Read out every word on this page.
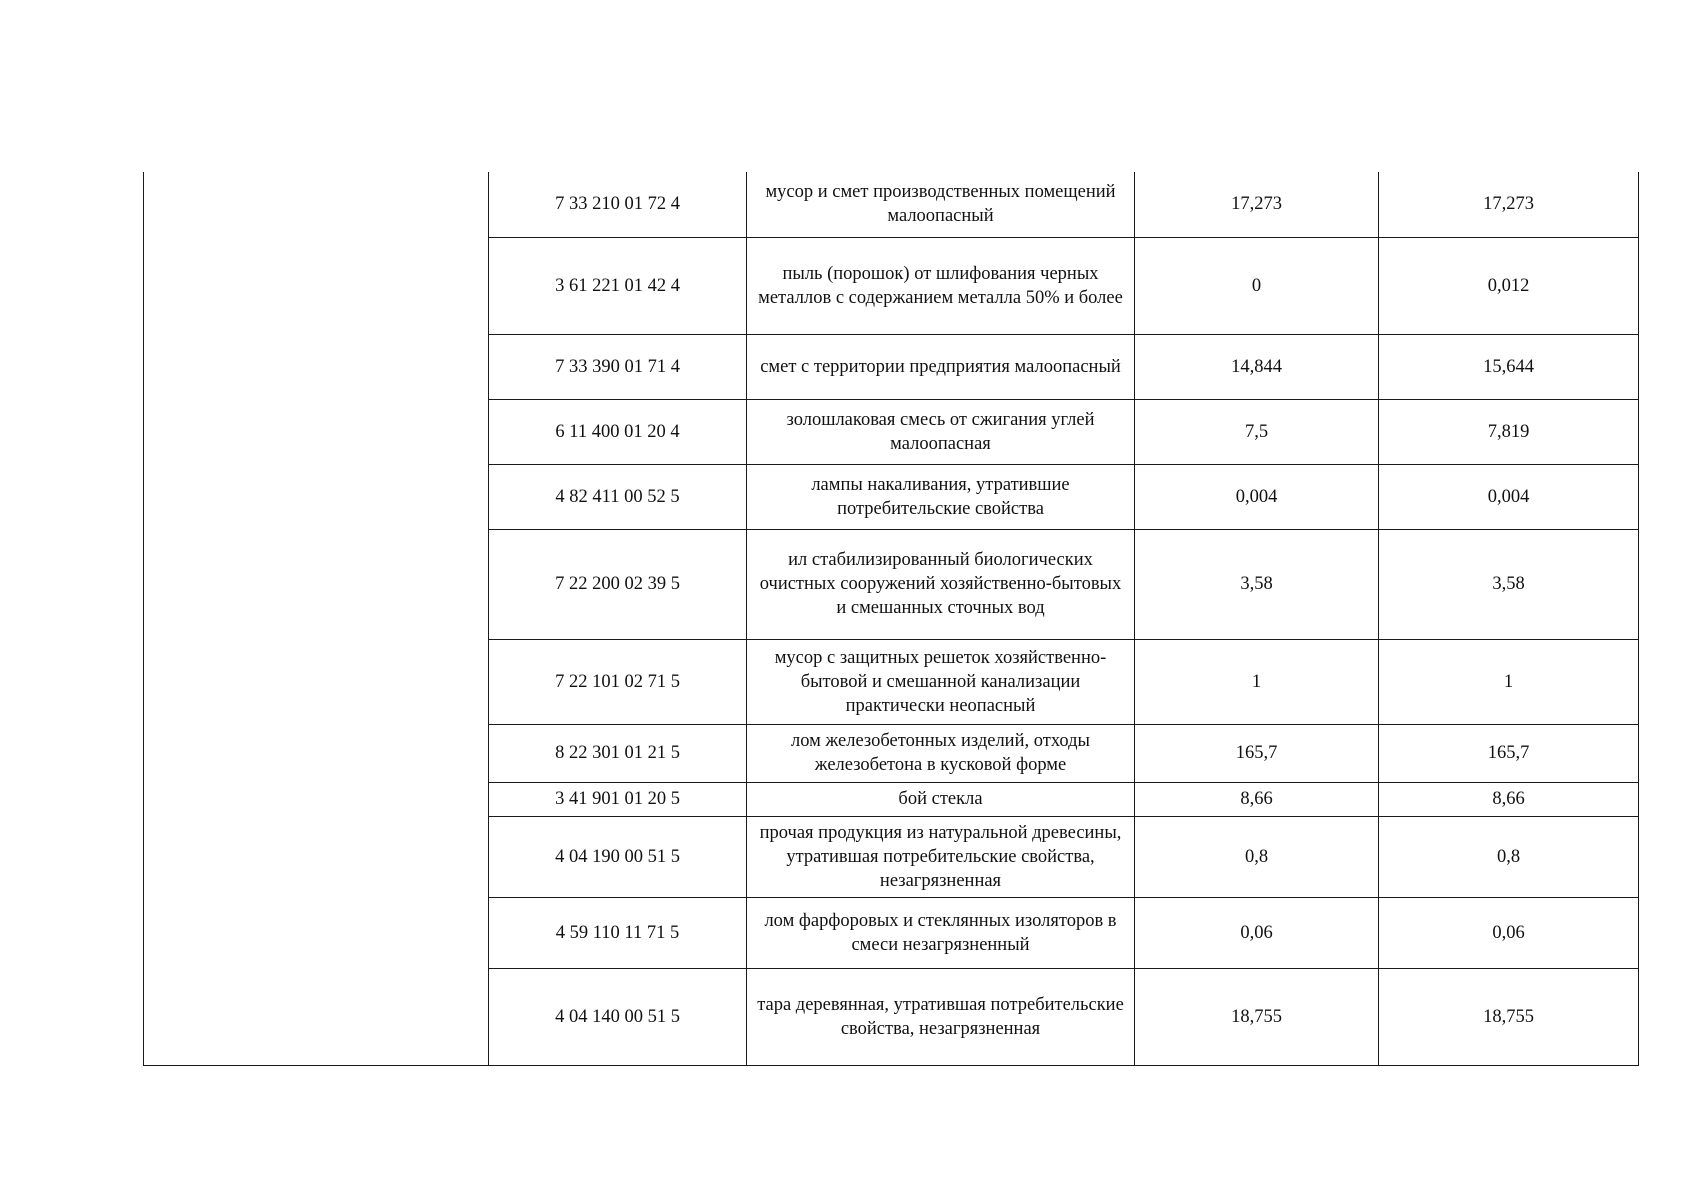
	7 33 210 01 72 4	мусор и смет производственных помещений малоопасный	17,273	17,273
	3 61 221 01 42 4	пыль (порошок) от шлифования черных металлов с содержанием металла 50% и более	0	0,012
	7 33 390 01 71 4	смет с территории предприятия малоопасный	14,844	15,644
	6 11 400 01 20 4	золошлаковая смесь от сжигания углей малоопасная	7,5	7,819
	4 82 411 00 52 5	лампы накаливания, утратившие потребительские свойства	0,004	0,004
	7 22 200 02 39 5	ил стабилизированный биологических очистных сооружений хозяйственно-бытовых и смешанных сточных вод	3,58	3,58
	7 22 101 02 71 5	мусор с защитных решеток хозяйственно-бытовой и смешанной канализации практически неопасный	1	1
	8 22 301 01 21 5	лом железобетонных изделий, отходы железобетона в кусковой форме	165,7	165,7
	3 41 901 01 20 5	бой стекла	8,66	8,66
	4 04 190 00 51 5	прочая продукция из натуральной древесины, утратившая потребительские свойства, незагрязненная	0,8	0,8
	4 59 110 11 71 5	лом фарфоровых и стеклянных изоляторов в смеси незагрязненный	0,06	0,06
	4 04 140 00 51 5	тара деревянная, утратившая потребительские свойства, незагрязненная	18,755	18,755
